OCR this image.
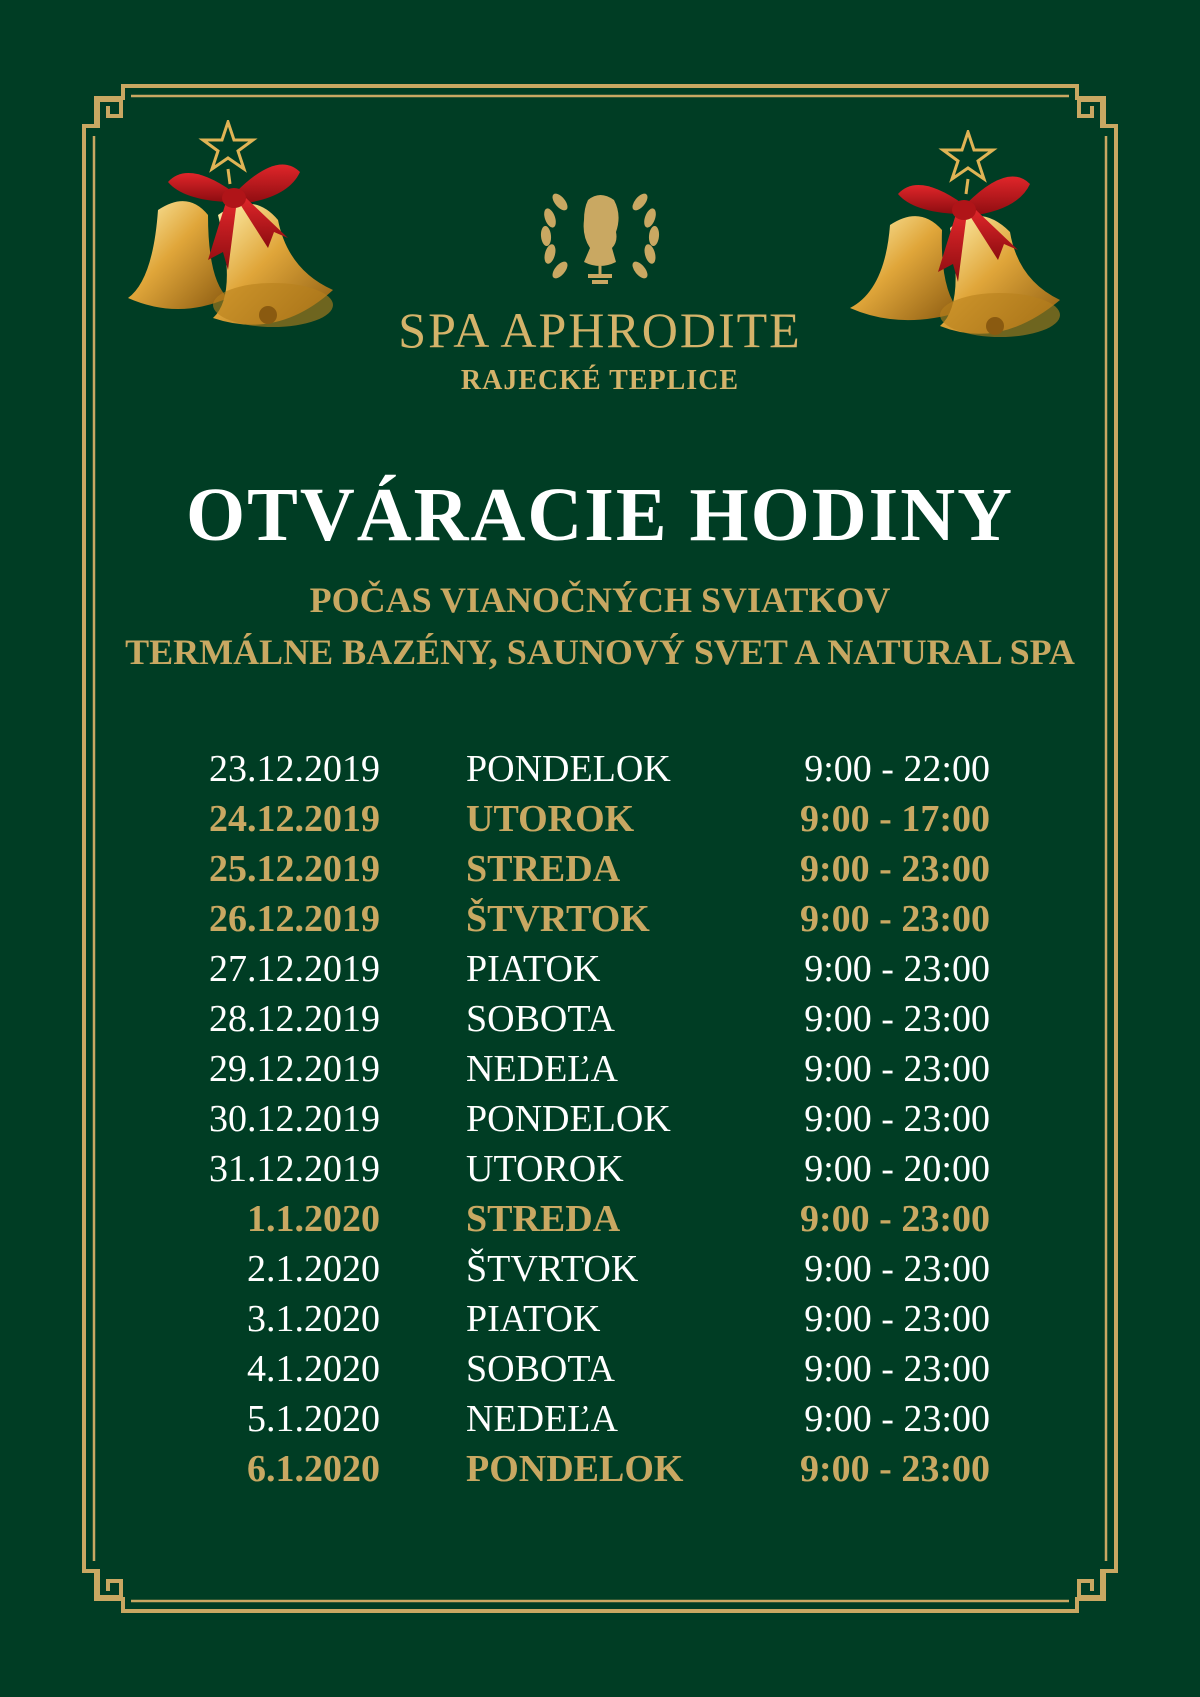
SPA APHRODITE
RAJECKÉ TEPLICE
OTVÁRACIE HODINY
POČAS VIANOČNÝCH SVIATKOV
TERMÁLNE BAZÉNY, SAUNOVÝ SVET A NATURAL SPA
23.12.2019 PONDELOK	9:00 - 22:00
24.12.2019 UTOROK	9:00 - 17:00
25.12.2019 STREDA	9:00 - 23:00
26.12.2019 ŠTVRTOK	9:00 - 23:00
27.12.2019 PIATOK	9:00 - 23:00
28.12.2019 SOBOTA	9:00 - 23:00
29.12.2019 NEDEĽA	9:00 - 23:00
30.12.2019 PONDELOK	9:00 - 23:00
31.12.2019 UTOROK	9:00 - 20:00
1.1.2020 STREDA	9:00 - 23:00
2.1.2020 ŠTVRTOK	9:00 - 23:00
3.1.2020 PIATOK	9:00 - 23:00
4.1.2020 SOBOTA	9:00 - 23:00
5.1.2020 NEDEĽA	9:00 - 23:00
6.1.2020 PONDELOK	9:00 - 23:00
